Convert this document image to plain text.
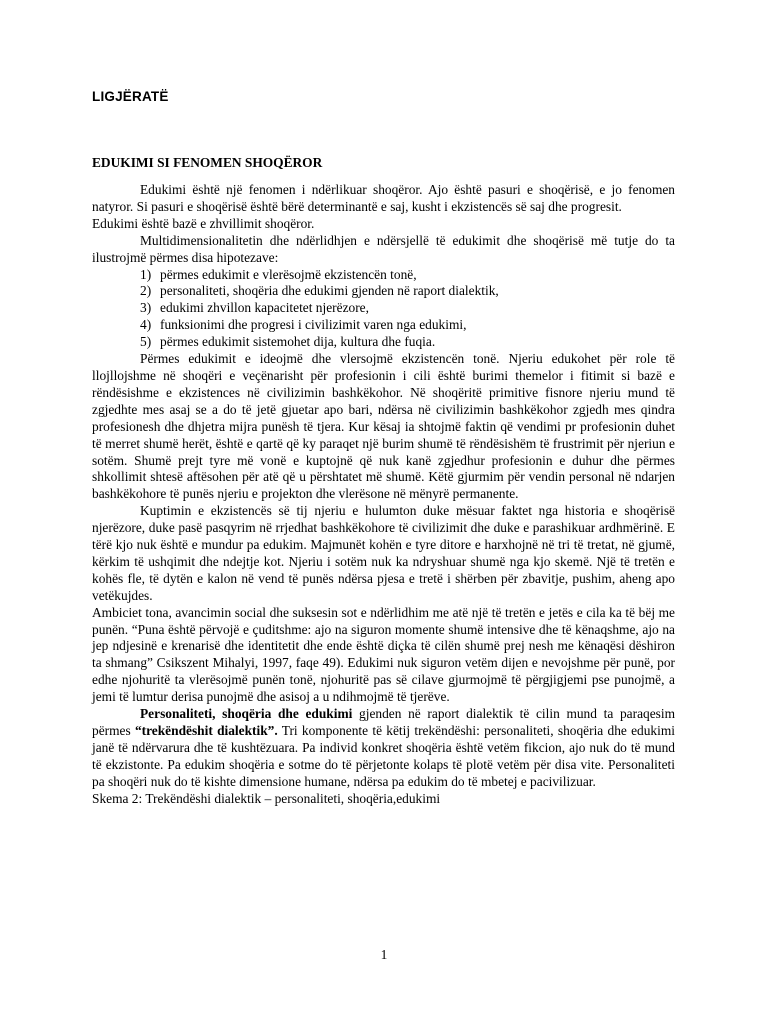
LIGJËRATË
EDUKIMI SI FENOMEN SHOQËROR

Edukimi është një fenomen i ndërlikuar shoqëror. Ajo është pasuri e shoqërisë, e jo fenomen natyror. Si pasuri e shoqërisë është bërë determinantë e saj, kusht i ekzistencës së saj dhe progresit.

Edukimi është bazë e zhvillimit shoqëror.

Multidimensionalitetin dhe ndërlidhjen e ndërsjellë të edukimit dhe shoqërisë më tutje do ta ilustrojmë përmes disa hipotezave:

1) përmes edukimit e vlerësojmë ekzistencën tonë,
2) personaliteti, shoqëria dhe edukimi gjenden në raport dialektik,
3) edukimi zhvillon kapacitetet njerëzore,
4) funksionimi dhe progresi i civilizimit varen nga edukimi,
5) përmes edukimit sistemohet dija, kultura dhe fuqia.

Përmes edukimit e ideojmë dhe vlersojmë ekzistencën tonë. Njeriu edukohet për role të llojllojshme në shoqëri e veçënarisht për profesionin i cili është burimi themelor i fitimit si bazë e rëndësishme e ekzistences në civilizimin bashkëkohor. Në shoqëritë primitive fisnore njeriu mund të zgjedhte mes asaj se a do të jetë gjuetar apo bari, ndërsa në civilizimin bashkëkohor zgjedh mes qindra profesionesh dhe dhjetra mijra punësh të tjera. Kur kësaj ia shtojmë faktin që vendimi pr profesionin duhet të merret shumë herët, është e qartë që ky paraqet një burim shumë të rëndësishëm të frustrimit për njeriun e sotëm. Shumë prejt tyre më vonë e kuptojnë që nuk kanë zgjedhur profesionin e duhur dhe përmes shkollimit shtesë aftësohen për atë që u përshtatet më shumë. Këtë gjurmim për vendin personal në ndarjen bashkëkohore të punës njeriu e projekton dhe vlerësone në mënyrë permanente.

Kuptimin e ekzistencës së tij njeriu e hulumton duke mësuar faktet nga historia e shoqërisë njerëzore, duke pasë pasqyrim në rrjedhat bashkëkohore të civilizimit dhe duke e parashikuar ardhmërinë. E tërë kjo nuk është e mundur pa edukim. Majmunët kohën e tyre ditore e harxhojnë në tri të tretat, në gjumë, kërkim të ushqimit dhe ndejtje kot. Njeriu i sotëm nuk ka ndryshuar shumë nga kjo skemë. Një të tretën e kohës fle, të dytën e kalon në vend të punës ndërsa pjesa e tretë i shërben për zbavitje, pushim, aheng apo vetëkujdes.

Ambiciet tona, avancimin social dhe suksesin sot e ndërlidhim me atë një të tretën e jetës e cila ka të bëj me punën. “Puna është përvojë e çuditshme: ajo na siguron momente shumë intensive dhe të kënaqshme, ajo na jep ndjesinë e krenarisë dhe identitetit dhe ende është diçka të cilën shumë prej nesh me kënaqësi dëshiron ta shmang” Csikszent Mihalyi, 1997, faqe 49). Edukimi nuk siguron vetëm dijen e nevojshme për punë, por edhe njohuritë ta vlerësojmë punën tonë, njohuritë pas së cilave gjurmojmë të përgjigjemi pse punojmë, a jemi të lumtur derisa punojmë dhe asisoj a u ndihmojmë të tjerëve.

Personaliteti, shoqëria dhe edukimi gjenden në raport dialektik të cilin mund ta paraqesim përmes “trekëndëshit dialektik”. Tri komponente të këtij trekëndëshi: personaliteti, shoqëria dhe edukimi janë të ndërvarura dhe të kushtëzuara. Pa individ konkret shoqëria është vetëm fikcion, ajo nuk do të mund të ekzistonte. Pa edukim shoqëria e sotme do të përjetonte kolaps të plotë vetëm për disa vite. Personaliteti pa shoqëri nuk do të kishte dimensione humane, ndërsa pa edukim do të mbetej e pacivilizuar.

Skema 2: Trekëndëshi dialektik – personaliteti, shoqëria,edukimi

1
